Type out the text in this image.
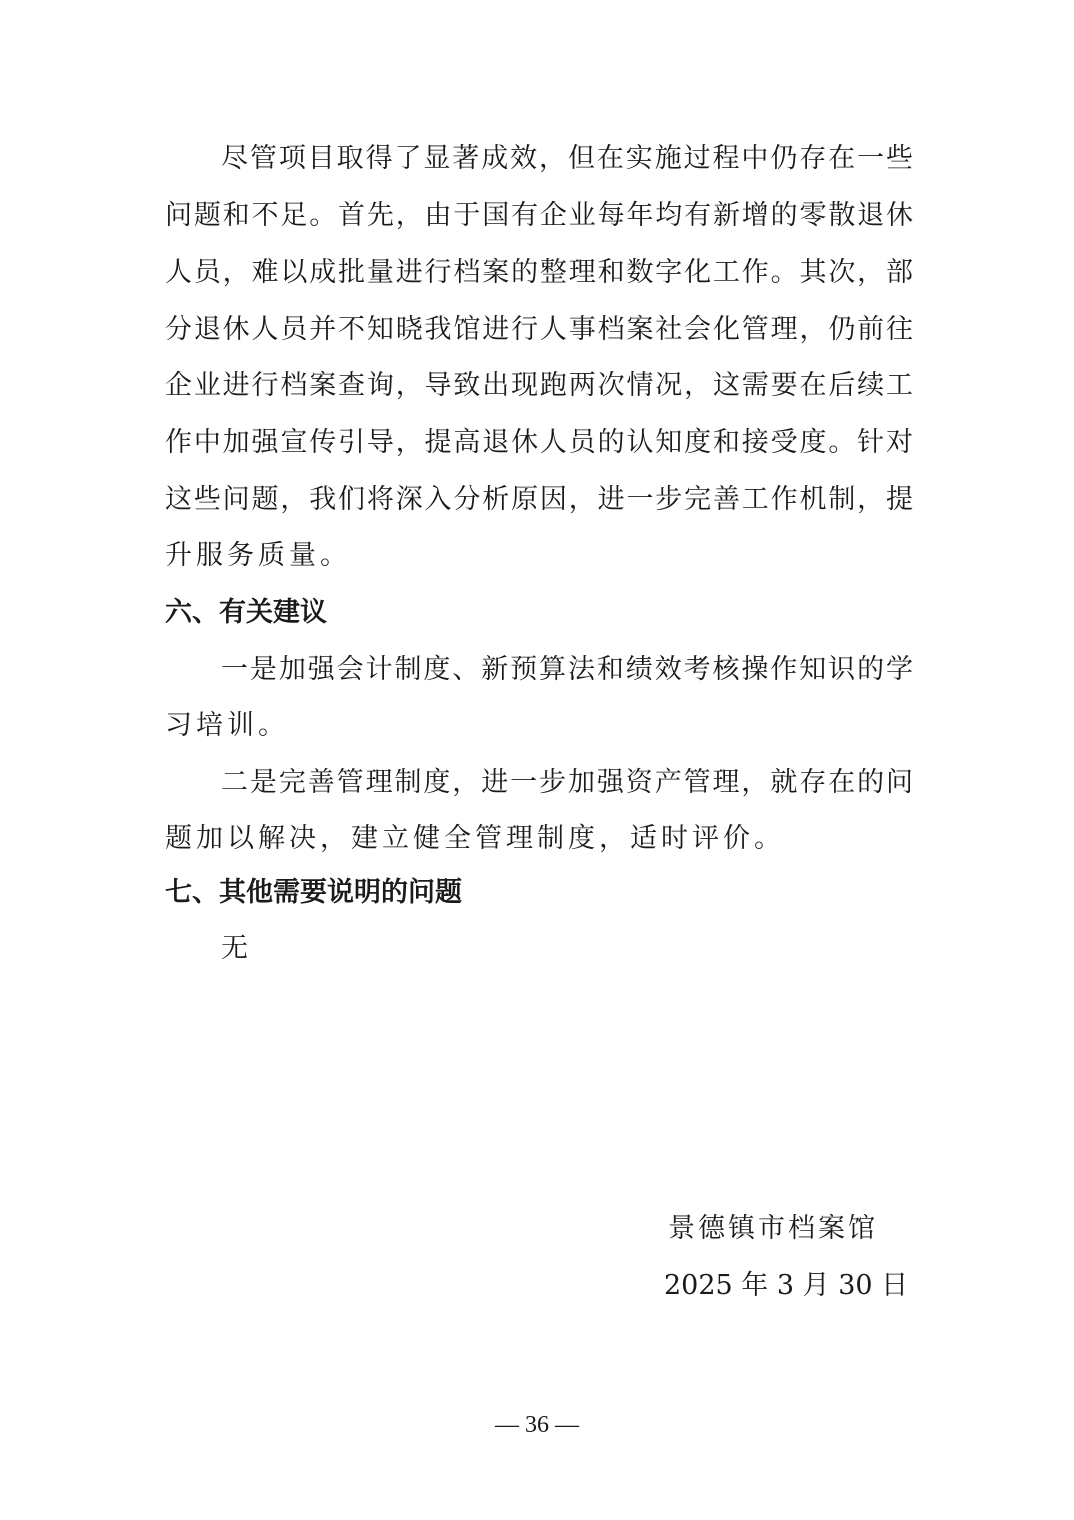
尽管项目取得了显著成效，但在实施过程中仍存在一些
问题和不足。首先，由于国有企业每年均有新增的零散退休
人员，难以成批量进行档案的整理和数字化工作。其次，部
分退休人员并不知晓我馆进行人事档案社会化管理，仍前往
企业进行档案查询，导致出现跑两次情况，这需要在后续工
作中加强宣传引导，提高退休人员的认知度和接受度。针对
这些问题，我们将深入分析原因，进一步完善工作机制，提
升服务质量。
六、有关建议
一是加强会计制度、新预算法和绩效考核操作知识的学
习培训。
二是完善管理制度，进一步加强资产管理，就存在的问
题加以解决，建立健全管理制度，适时评价。
七、其他需要说明的问题
无
景德镇市档案馆
2025 年 3 月 30 日
— 36 —
